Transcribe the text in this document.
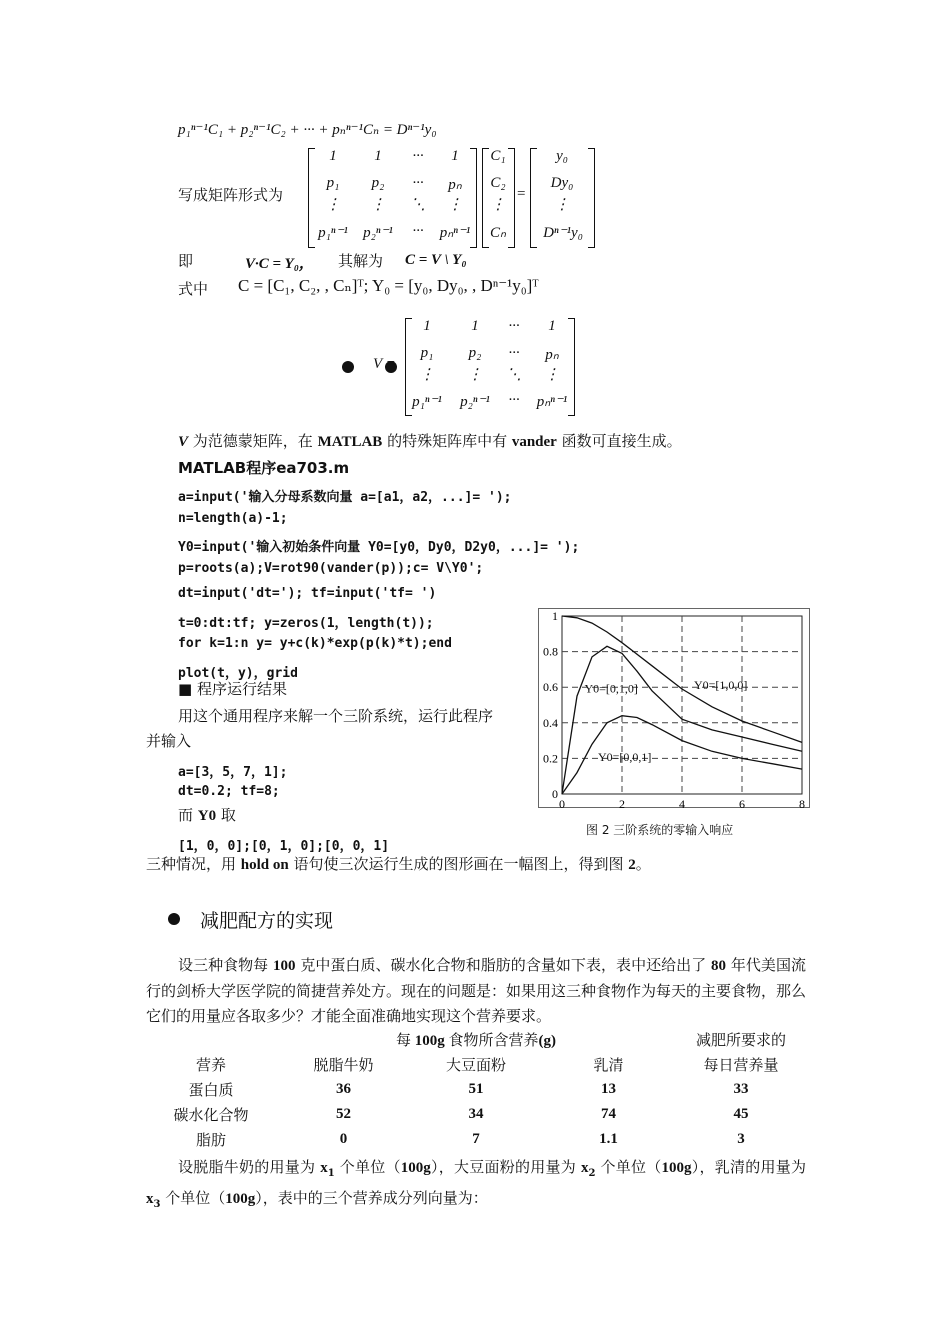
p₁ⁿ⁻¹C₁ + p₂ⁿ⁻¹C₂ + ··· + pₙⁿ⁻¹Cₙ = Dⁿ⁻¹y₀
写成矩阵形式为
1	1	···	1
p₁	p₂	···	pₙ
⋮	⋮	⋱	⋮
p₁ⁿ⁻¹	p₂ⁿ⁻¹	···	pₙⁿ⁻¹
C₁
C₂
⋮
Cₙ
=
y₀
Dy₀
⋮
Dⁿ⁻¹y₀
即	V·C = Y₀， 其解为 C = V \ Y₀
式中 C = [C₁, C₂, , Cₙ]ᵀ; Y₀ = [y₀, Dy₀, , Dⁿ⁻¹y₀]ᵀ
V =
1	1	···	1
p₁	p₂	···	pₙ
⋮	⋮	⋱	⋮
p₁ⁿ⁻¹	p₂ⁿ⁻¹	···	pₙⁿ⁻¹
V 为范德蒙矩阵，在 MATLAB 的特殊矩阵库中有 vander 函数可直接生成。
MATLAB程序ea703.m
a=input('输入分母系数向量 a=[a1，a2，...]= ');
n=length(a)-1;
Y0=input('输入初始条件向量 Y0=[y0，Dy0，D2y0，...]= ');
p=roots(a);V=rot90(vander(p));c= V\Y0';
dt=input('dt='); tf=input('tf= ')
t=0:dt:tf; y=zeros(1，length(t));
for k=1:n y= y+c(k)*exp(p(k)*t);end
plot(t，y)，grid
■ 程序运行结果
用这个通用程序来解一个三阶系统，运行此程序
并输入
a=[3，5，7，1];
dt=0.2; tf=8;
而 Y0 取
[1，0，0];[0，1，0];[0，0，1]
三种情况，用 hold on 语句使三次运行生成的图形画在一幅图上，得到图 2。
0	2	4	6	8
0
0.2
0.4
0.6
0.8
1
Y0=[1,0,0]
Y0=[0,1,0]
Y0=[0,0,1]
图 2 三阶系统的零输入响应
减肥配方的实现
设三种食物每 100 克中蛋白质、碳水化合物和脂肪的含量如下表，表中还给出了 80 年代美国流行的剑桥大学医学院的简捷营养处方。现在的问题是：如果用这三种食物作为每天的主要食物，那么它们的用量应各取多少？才能全面准确地实现这个营养要求。
	每 100g 食物所含营养(g)			减肥所要求的
营养	脱脂牛奶	大豆面粉	乳清	每日营养量
蛋白质	36	51	13	33
碳水化合物	52	34	74	45
脂肪	0	7	1.1	3
设脱脂牛奶的用量为 $x_1$ 个单位（100g），大豆面粉的用量为 $x_2$ 个单位（100g），乳清的用量为 $x_3$ 个单位（100g），表中的三个营养成分列向量为：
